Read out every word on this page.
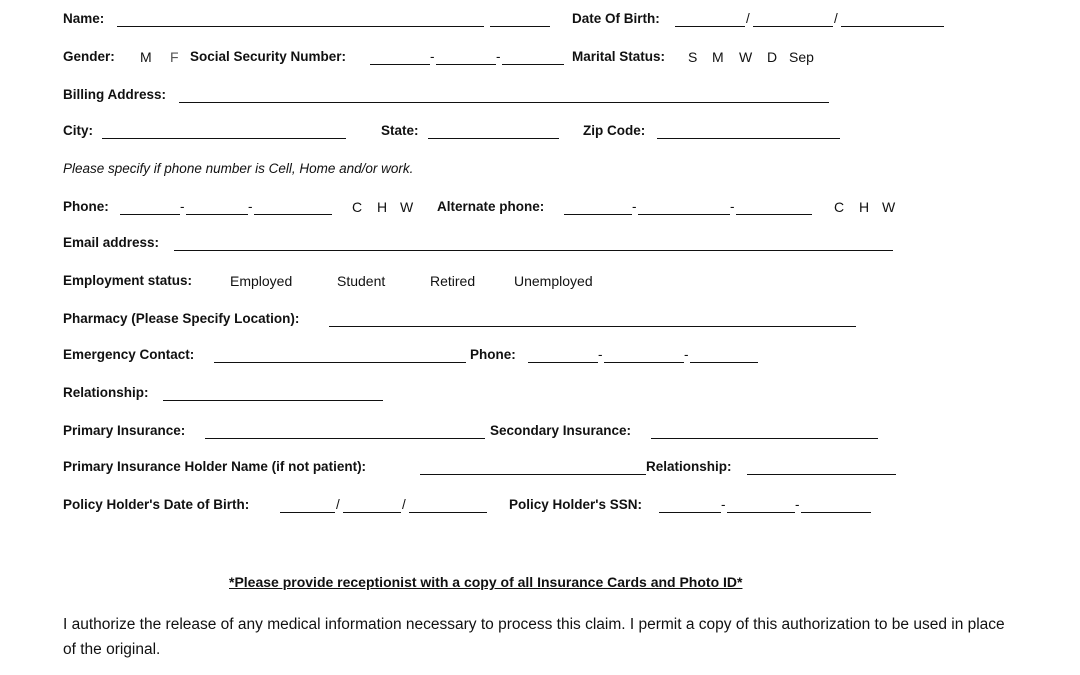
Name:	Date Of Birth:	/	/
Gender: M F Social Security Number:	-	-	Marital Status: S M W D Sep
Billing Address:
City:	State:	Zip Code:
Please specify if phone number is Cell, Home and/or work.
Phone:	-	-	C H W Alternate phone:	-	-	C H W
Email address:
Employment status:	Employed	Student	Retired	Unemployed
Pharmacy (Please Specify Location):
Emergency Contact:	Phone:	-	-
Relationship:
Primary Insurance:	Secondary Insurance:
Primary Insurance Holder Name (if not patient):	Relationship:
Policy Holder's Date of Birth:	/	/	Policy Holder's SSN:	-	-
*Please provide receptionist with a copy of all Insurance Cards and Photo ID*
I authorize the release of any medical information necessary to process this claim. I permit a copy of this authorization to be used in place of the original.
